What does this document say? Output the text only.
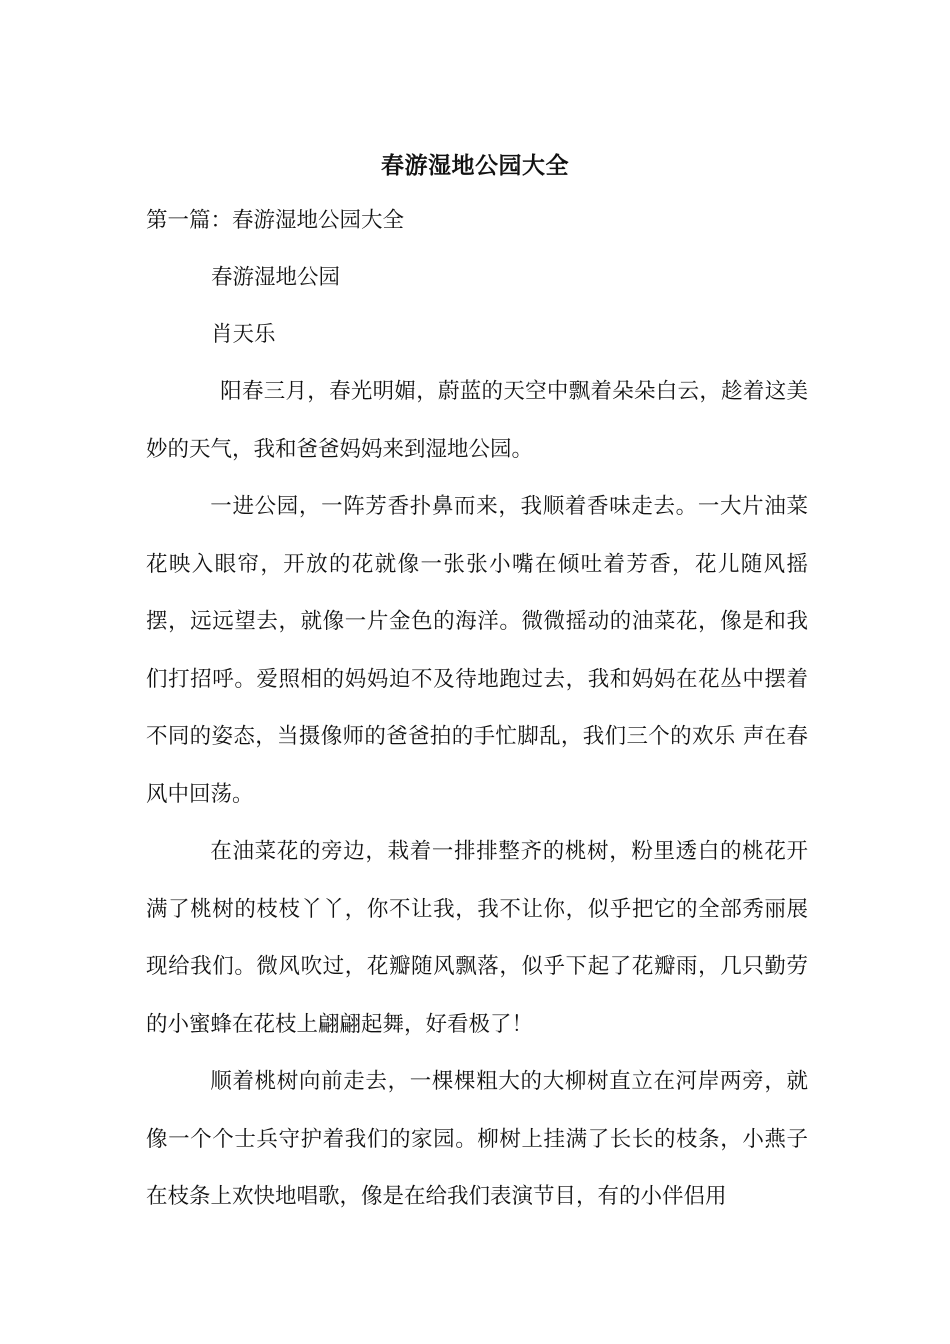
春游湿地公园大全

第一篇：春游湿地公园大全

春游湿地公园

肖天乐

阳春三月，春光明媚，蔚蓝的天空中飘着朵朵白云，趁着这美妙的天气，我和爸爸妈妈来到湿地公园。

一进公园，一阵芳香扑鼻而来，我顺着香味走去。一大片油菜花映入眼帘，开放的花就像一张张小嘴在倾吐着芳香，花儿随风摇摆，远远望去，就像一片金色的海洋。微微摇动的油菜花，像是和我们打招呼。爱照相的妈妈迫不及待地跑过去，我和妈妈在花丛中摆着不同的姿态，当摄像师的爸爸拍的手忙脚乱，我们三个的欢乐 声在春风中回荡。

在油菜花的旁边，栽着一排排整齐的桃树，粉里透白的桃花开满了桃树的枝枝丫丫，你不让我，我不让你，似乎把它的全部秀丽展现给我们。微风吹过，花瓣随风飘落，似乎下起了花瓣雨，几只勤劳的小蜜蜂在花枝上翩翩起舞，好看极了！

顺着桃树向前走去，一棵棵粗大的大柳树直立在河岸两旁，就像一个个士兵守护着我们的家园。柳树上挂满了长长的枝条，小燕子在枝条上欢快地唱歌，像是在给我们表演节目，有的小伴侣用
